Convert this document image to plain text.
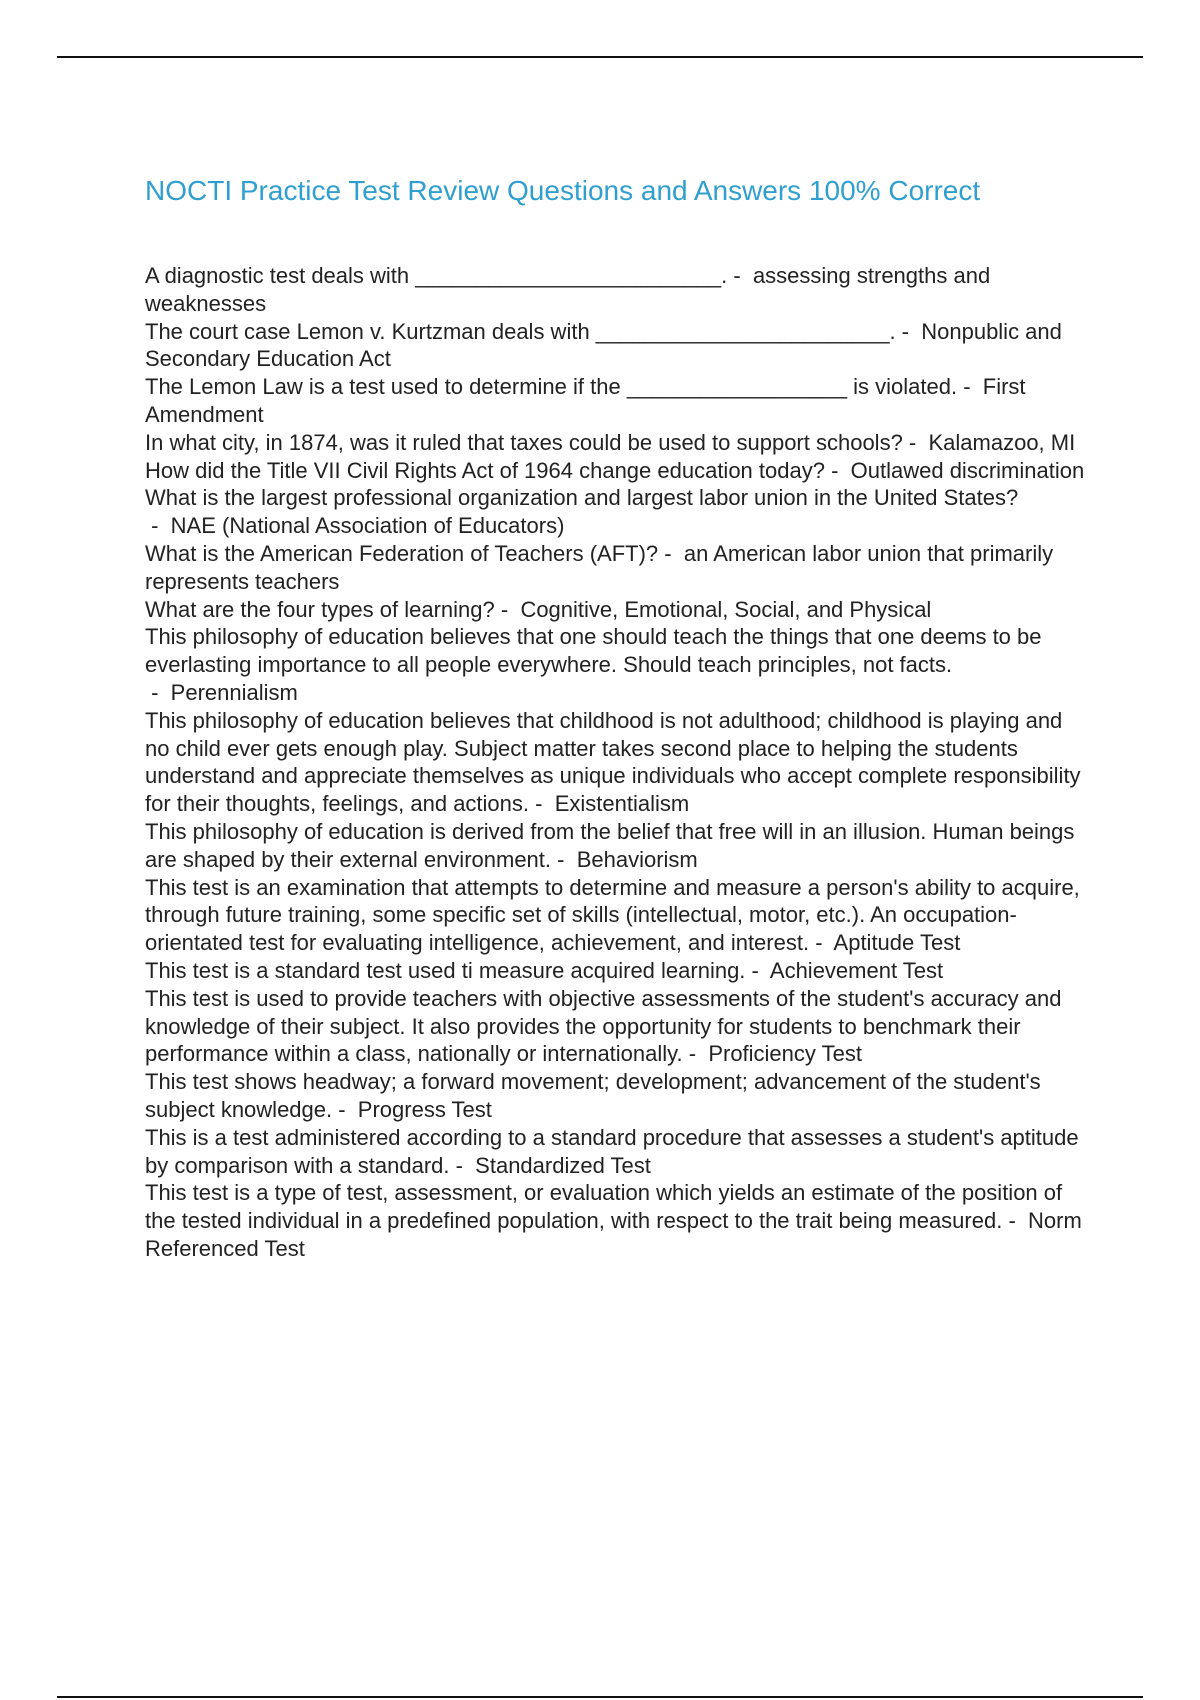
NOCTI Practice Test Review Questions and Answers 100% Correct
A diagnostic test deals with _________________________. -  assessing strengths and weaknesses
The court case Lemon v. Kurtzman deals with ________________________. -  Nonpublic and Secondary Education Act
The Lemon Law is a test used to determine if the __________________ is violated. -  First Amendment
In what city, in 1874, was it ruled that taxes could be used to support schools? -  Kalamazoo, MI
How did the Title VII Civil Rights Act of 1964 change education today? -  Outlawed discrimination
What is the largest professional organization and largest labor union in the United States? -  NAE (National Association of Educators)
What is the American Federation of Teachers (AFT)? -  an American labor union that primarily represents teachers
What are the four types of learning? -  Cognitive, Emotional, Social, and Physical
This philosophy of education believes that one should teach the things that one deems to be everlasting importance to all people everywhere. Should teach principles, not facts. -  Perennialism
This philosophy of education believes that childhood is not adulthood; childhood is playing and no child ever gets enough play. Subject matter takes second place to helping the students understand and appreciate themselves as unique individuals who accept complete responsibility for their thoughts, feelings, and actions. -  Existentialism
This philosophy of education is derived from the belief that free will in an illusion. Human beings are shaped by their external environment. -  Behaviorism
This test is an examination that attempts to determine and measure a person's ability to acquire, through future training, some specific set of skills (intellectual, motor, etc.). An occupation-orientated test for evaluating intelligence, achievement, and interest. -  Aptitude Test
This test is a standard test used ti measure acquired learning. -  Achievement Test
This test is used to provide teachers with objective assessments of the student's accuracy and knowledge of their subject. It also provides the opportunity for students to benchmark their performance within a class, nationally or internationally. -  Proficiency Test
This test shows headway; a forward movement; development; advancement of the student's subject knowledge. -  Progress Test
This is a test administered according to a standard procedure that assesses a student's aptitude by comparison with a standard. -  Standardized Test
This test is a type of test, assessment, or evaluation which yields an estimate of the position of the tested individual in a predefined population, with respect to the trait being measured. -  Norm Referenced Test
